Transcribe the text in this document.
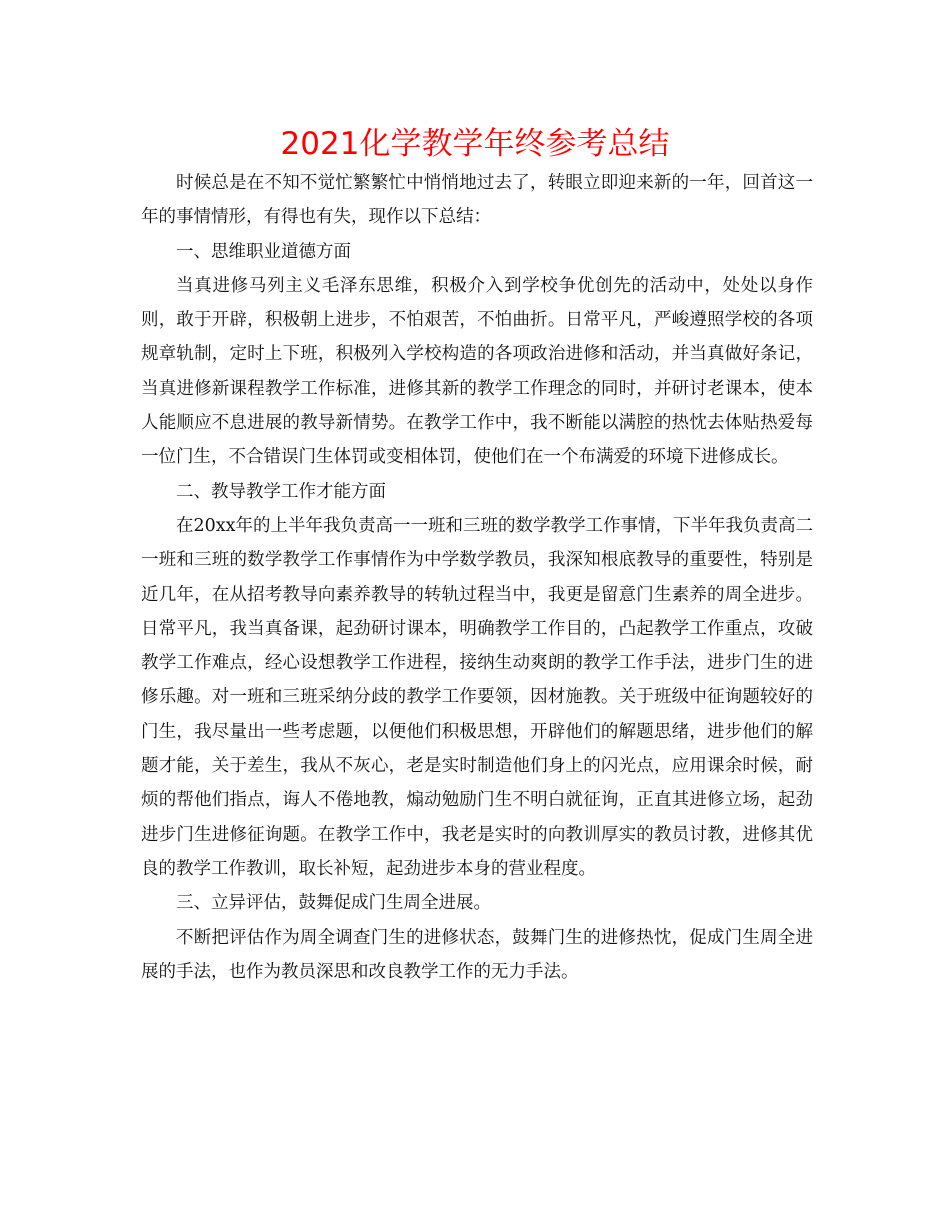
2021化学教学年终参考总结

时候总是在不知不觉忙繁繁忙中悄悄地过去了，转眼立即迎来新的一年，回首这一年的事情情形，有得也有失，现作以下总结：

一、思维职业道德方面

当真进修马列主义毛泽东思维，积极介入到学校争优创先的活动中，处处以身作则，敢于开辟，积极朝上进步，不怕艰苦，不怕曲折。日常平凡，严峻遵照学校的各项规章轨制，定时上下班，积极列入学校构造的各项政治进修和活动，并当真做好条记，当真进修新课程教学工作标准，进修其新的教学工作理念的同时，并研讨老课本，使本人能顺应不息进展的教导新情势。在教学工作中，我不断能以满腔的热忱去体贴热爱每一位门生，不合错误门生体罚或变相体罚，使他们在一个布满爱的环境下进修成长。

二、教导教学工作才能方面

在20xx年的上半年我负责高一一班和三班的数学教学工作事情，下半年我负责高二一班和三班的数学教学工作事情作为中学数学教员，我深知根底教导的重要性，特别是近几年，在从招考教导向素养教导的转轨过程当中，我更是留意门生素养的周全进步。日常平凡，我当真备课，起劲研讨课本，明确教学工作目的，凸起教学工作重点，攻破教学工作难点，经心设想教学工作进程，接纳生动爽朗的教学工作手法，进步门生的进修乐趣。对一班和三班采纳分歧的教学工作要领，因材施教。关于班级中征询题较好的门生，我尽量出一些考虑题，以便他们积极思想，开辟他们的解题思绪，进步他们的解题才能，关于差生，我从不灰心，老是实时制造他们身上的闪光点，应用课余时候，耐烦的帮他们指点，诲人不倦地教，煽动勉励门生不明白就征询，正直其进修立场，起劲进步门生进修征询题。在教学工作中，我老是实时的向教训厚实的教员讨教，进修其优良的教学工作教训，取长补短，起劲进步本身的营业程度。

三、立异评估，鼓舞促成门生周全进展。

不断把评估作为周全调查门生的进修状态，鼓舞门生的进修热忱，促成门生周全进展的手法，也作为教员深思和改良教学工作的无力手法。
